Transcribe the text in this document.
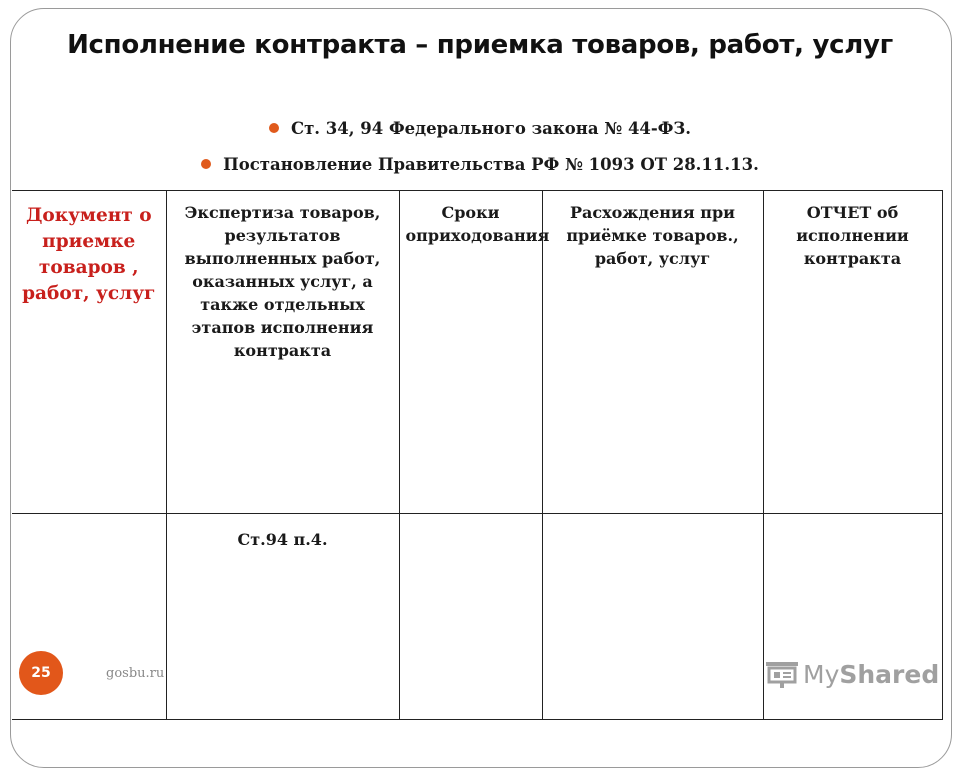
Исполнение контракта – приемка товаров, работ, услуг
Ст. 34, 94 Федерального закона № 44-ФЗ.
Постановление Правительства РФ № 1093 ОТ 28.11.13.
Документ о приемке товаров , работ, услуг	Экспертиза товаров, результатов выполненных работ, оказанных услуг, а также отдельных этапов исполнения контракта	Сроки оприходования	Расхождения при приёмке товаров., работ, услуг	ОТЧЕТ об исполнении контракта
	Ст.94 п.4.			
25	gosbu.ru	My Shared
